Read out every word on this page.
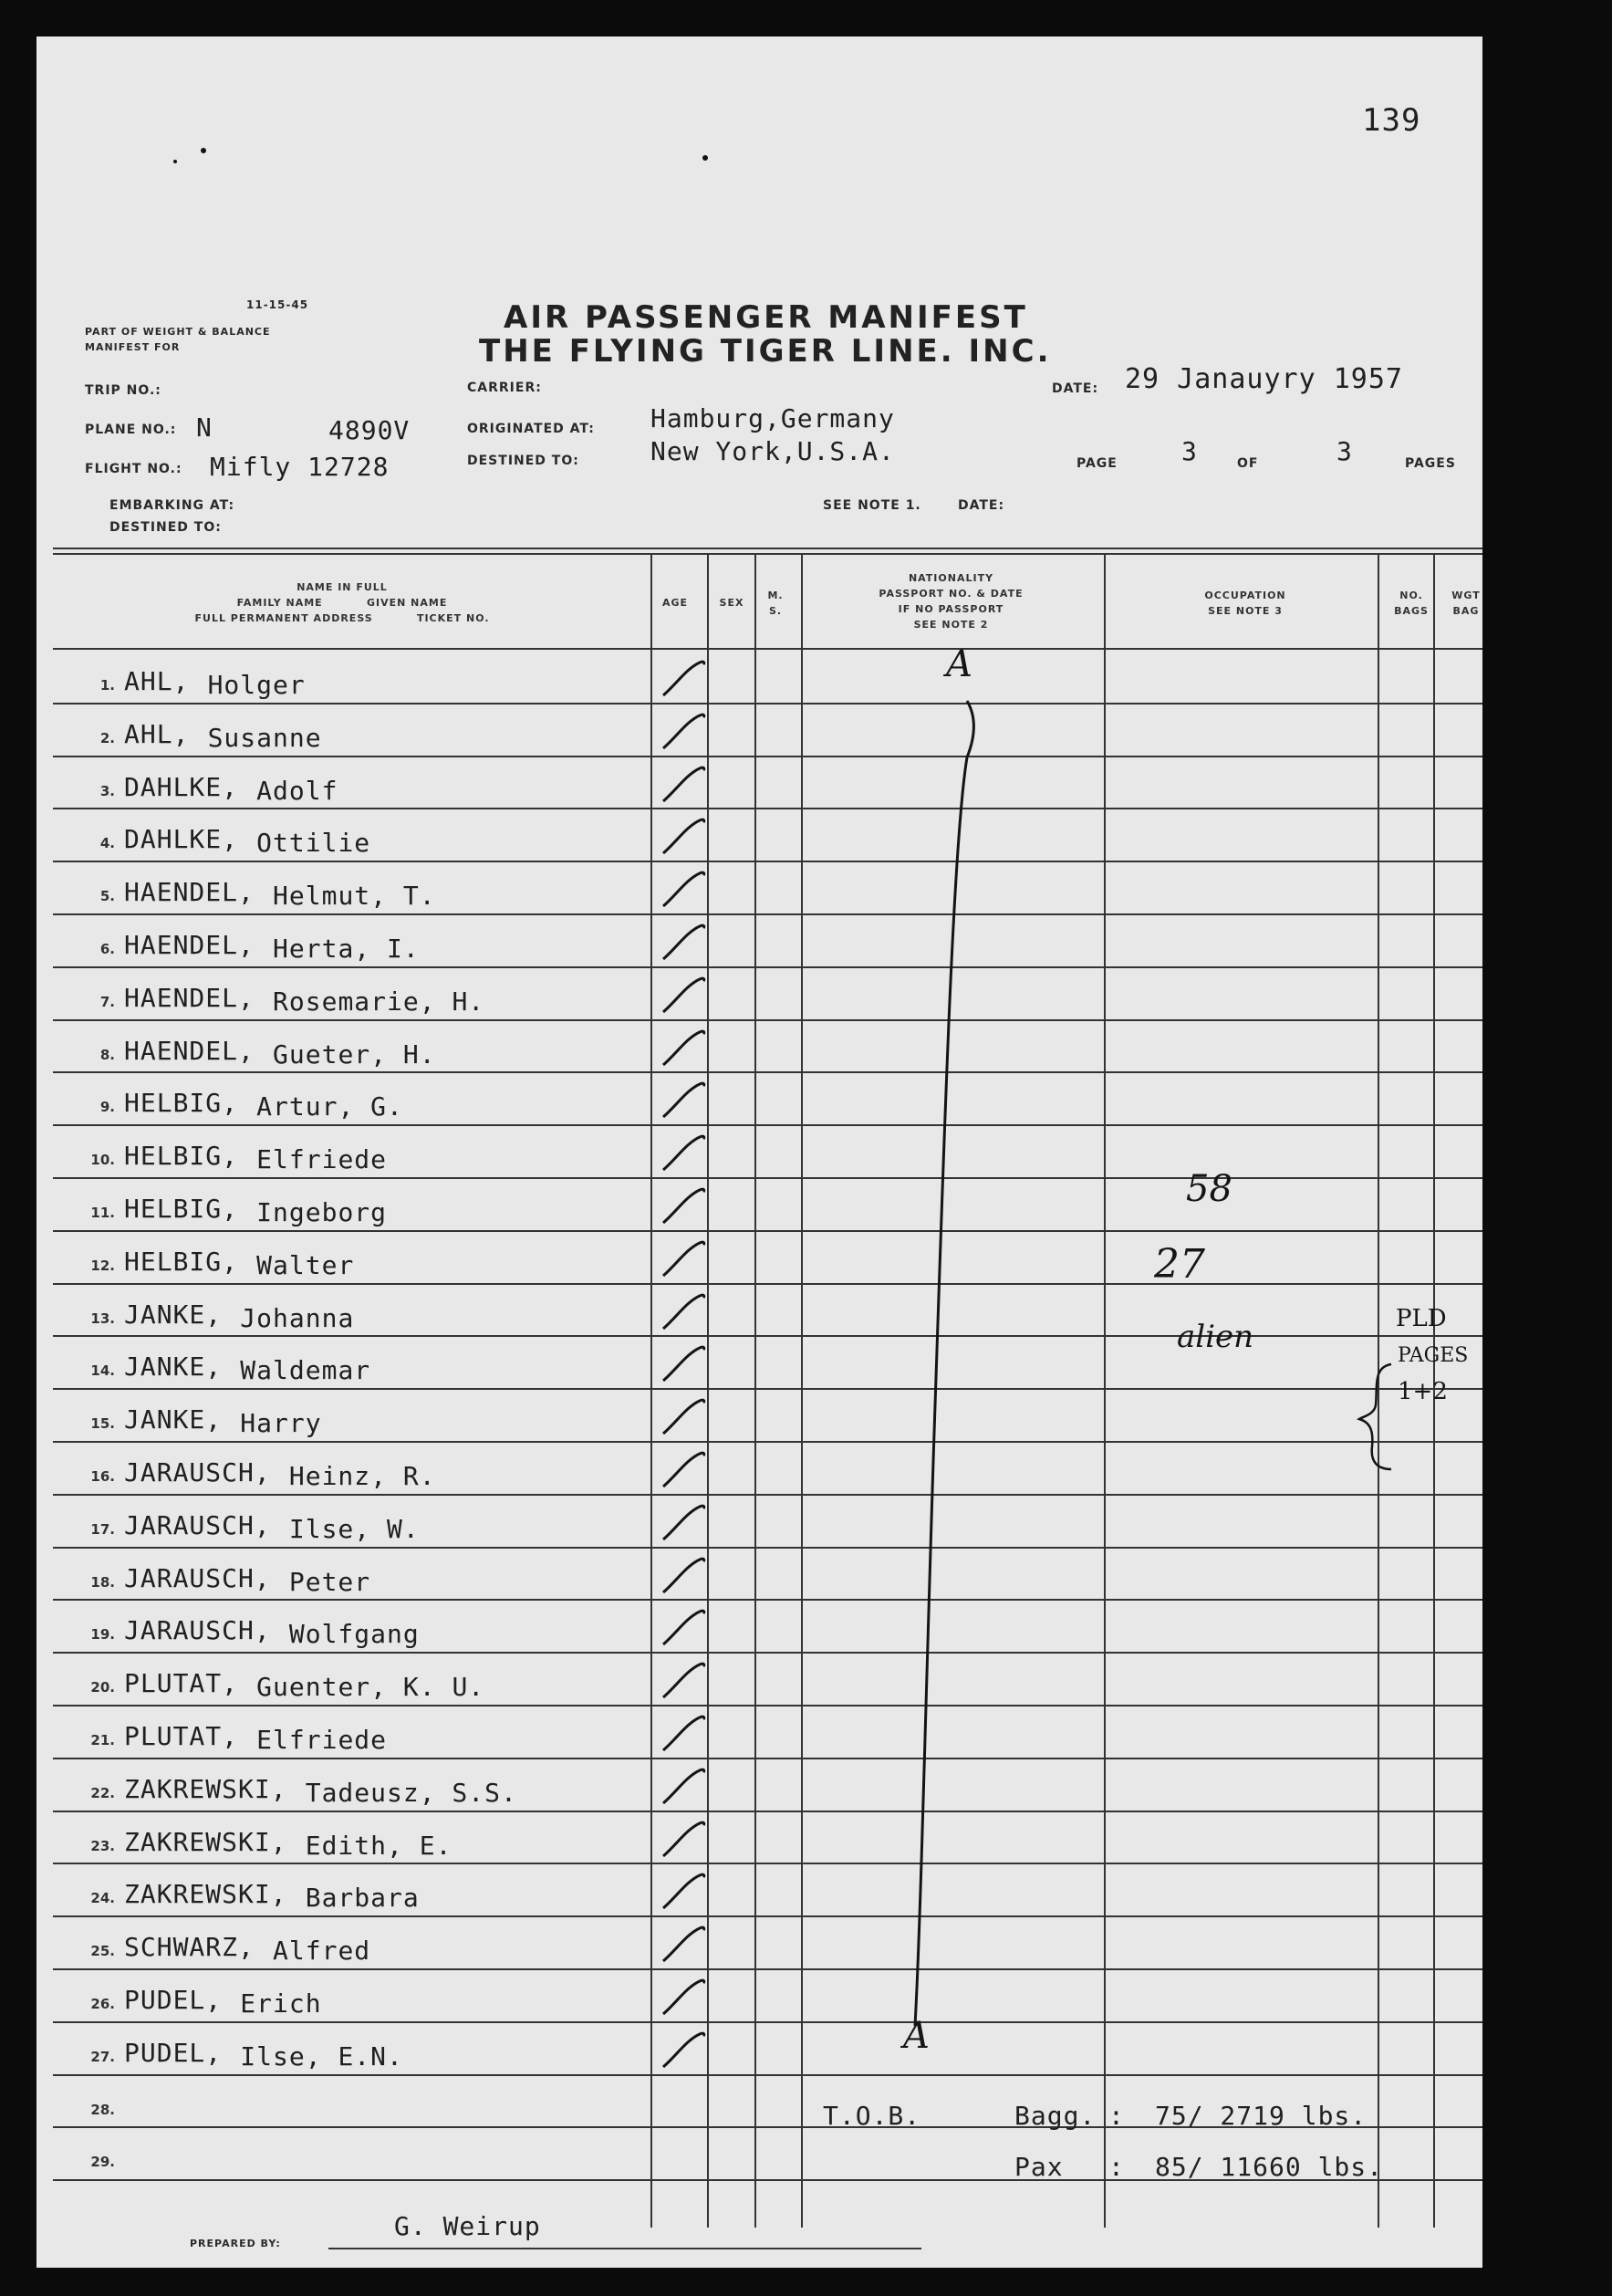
139
11-15-45
PART OF WEIGHT & BALANCE
MANIFEST FOR
AIR PASSENGER MANIFEST
THE FLYING TIGER LINE. INC.
TRIP NO.:
PLANE NO.: N	4890V
FLIGHT NO.: Mifly 12728
CARRIER:
ORIGINATED AT: Hamburg,Germany
DESTINED TO:	New York,U.S.A.
DATE: 29 Janauyry 1957
PAGE	3	OF	3	PAGES
EMBARKING AT:
DESTINED TO:
SEE NOTE 1.	DATE:
NAME IN FULL
FAMILY NAME          GIVEN NAME
FULL PERMANENT ADDRESS          TICKET NO.
AGE	SEX
M.
S.
NATIONALITY
PASSPORT NO. & DATE
IF NO PASSPORT
SEE NOTE 2
OCCUPATION
SEE NOTE 3
NO.
BAGS
WGT
BAG
1. AHL , Holger
2. AHL , Susanne
3. DAHLKE , Adolf
4. DAHLKE , Ottilie
5. HAENDEL , Helmut, T.
6. HAENDEL , Herta, I.
7. HAENDEL , Rosemarie, H.
8. HAENDEL , Gueter, H.
9. HELBIG , Artur, G.
10. HELBIG , Elfriede
11. HELBIG , Ingeborg
12. HELBIG , Walter
13. JANKE , Johanna
14. JANKE , Waldemar
15. JANKE , Harry
16. JARAUSCH , Heinz, R.
17. JARAUSCH , Ilse, W.
18. JARAUSCH , Peter
19. JARAUSCH , Wolfgang
20. PLUTAT , Guenter, K. U.
21. PLUTAT , Elfriede
22. ZAKREWSKI , Tadeusz, S.S.
23. ZAKREWSKI , Edith, E.
24. ZAKREWSKI , Barbara
25. SCHWARZ , Alfred
26. PUDEL , Erich
27. PUDEL , Ilse, E.N.
28.
29.
A
A
58
27
alien	PLD
PAGES
1+2
T.O.B.	Bagg. : 75/ 2719 lbs.
Pax : 85/ 11660 lbs.
PREPARED BY:
G. Weirup
